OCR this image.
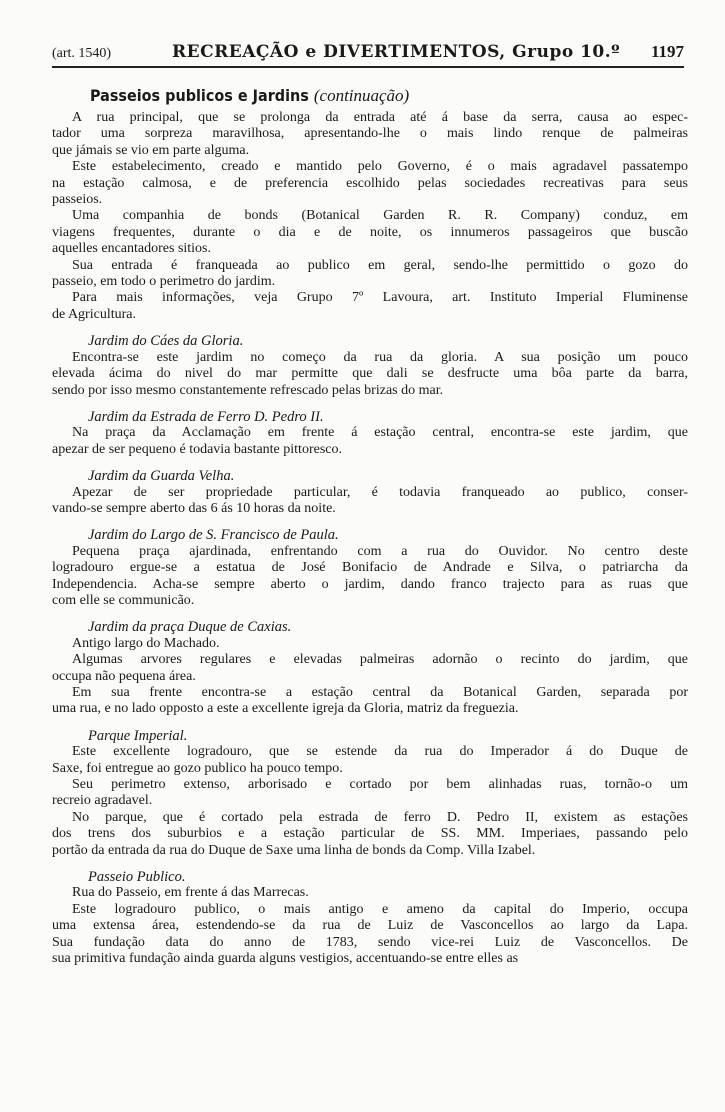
(art. 1540)	RECREAÇÃO e DIVERTIMENTOS, Grupo 10.º 1197
Passeios publicos e Jardins (continuação)

A rua principal, que se prolonga da entrada até á base da serra, causa ao espec-
tador uma sorpreza maravilhosa, apresentando-lhe o mais lindo renque de palmeiras
que jámais se vio em parte alguma.

Este estabelecimento, creado e mantido pelo Governo, é o mais agradavel passatempo
na estação calmosa, e de preferencia escolhido pelas sociedades recreativas para seus
passeios.

Uma companhia de bonds (Botanical Garden R. R. Company) conduz, em
viagens frequentes, durante o dia e de noite, os innumeros passageiros que buscão
aquelles encantadores sitios.

Sua entrada é franqueada ao publico em geral, sendo-lhe permittido o gozo do
passeio, em todo o perimetro do jardim.

Para mais informações, veja Grupo 7º Lavoura, art. Instituto Imperial Fluminense
de Agricultura.

Jardim do Cáes da Gloria.

Encontra-se este jardim no começo da rua da gloria. A sua posição um pouco
elevada ácima do nivel do mar permitte que dali se desfructe uma bôa parte da barra,
sendo por isso mesmo constantemente refrescado pelas brizas do mar.

Jardim da Estrada de Ferro D. Pedro II.

Na praça da Acclamação em frente á estação central, encontra-se este jardim, que
apezar de ser pequeno é todavia bastante pittoresco.

Jardim da Guarda Velha.

Apezar de ser propriedade particular, é todavia franqueado ao publico, conser-
vando-se sempre aberto das 6 ás 10 horas da noite.

Jardim do Largo de S. Francisco de Paula.

Pequena praça ajardinada, enfrentando com a rua do Ouvidor. No centro deste
logradouro ergue-se a estatua de José Bonifacio de Andrade e Silva, o patriarcha da
Independencia. Acha-se sempre aberto o jardim, dando franco trajecto para as ruas que
com elle se communicão.

Jardim da praça Duque de Caxias.

Antigo largo do Machado.

Algumas arvores regulares e elevadas palmeiras adornão o recinto do jardim, que
occupa não pequena área.

Em sua frente encontra-se a estação central da Botanical Garden, separada por
uma rua, e no lado opposto a este a excellente igreja da Gloria, matriz da freguezia.

Parque Imperial.

Este excellente logradouro, que se estende da rua do Imperador á do Duque de
Saxe, foi entregue ao gozo publico ha pouco tempo.

Seu perimetro extenso, arborisado e cortado por bem alinhadas ruas, tornão-o um
recreio agradavel.

No parque, que é cortado pela estrada de ferro D. Pedro II, existem as estações
dos trens dos suburbios e a estação particular de SS. MM. Imperiaes, passando pelo
portão da entrada da rua do Duque de Saxe uma linha de bonds da Comp. Villa Izabel.

Passeio Publico.

Rua do Passeio, em frente á das Marrecas.

Este logradouro publico, o mais antigo e ameno da capital do Imperio, occupa
uma extensa área, estendendo-se da rua de Luiz de Vasconcellos ao largo da Lapa.
Sua fundação data do anno de 1783, sendo vice-rei Luiz de Vasconcellos. De
sua primitiva fundação ainda guarda alguns vestigios, accentuando-se entre elles as
